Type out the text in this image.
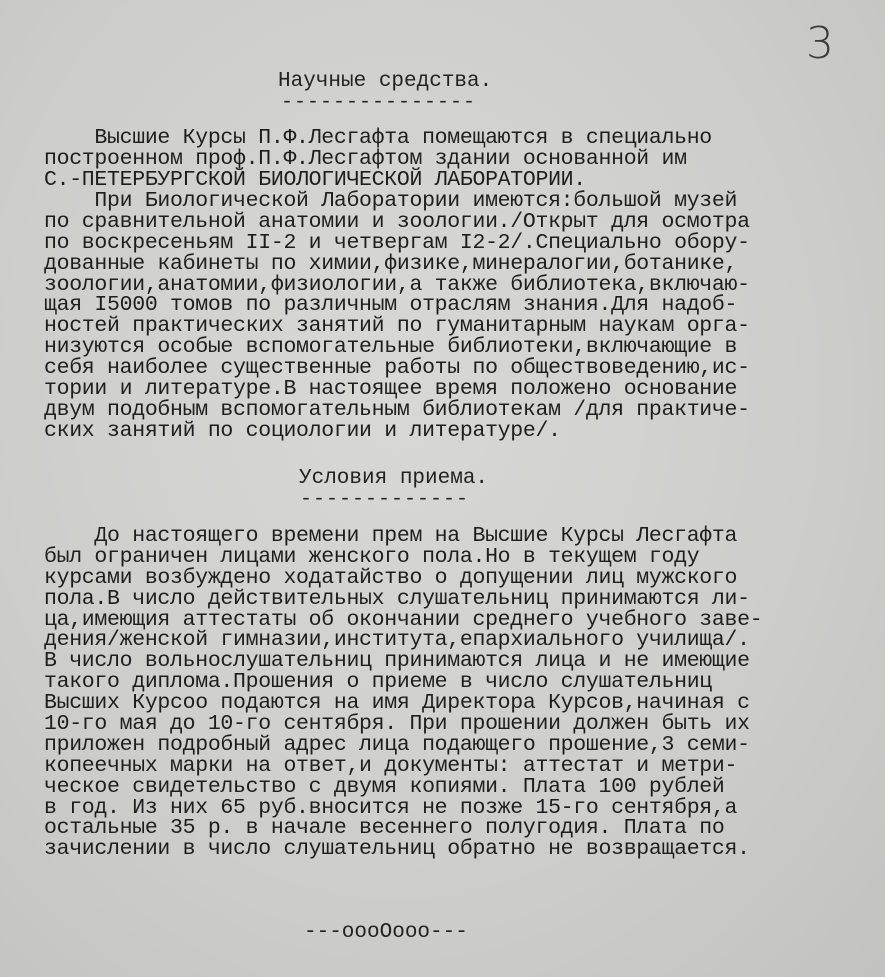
3
Научные средства.
---------------
Высшие Курсы П.Ф.Лесгафта помещаются в специально
построенном проф.П.Ф.Лесгафтом здании основанной им
С.-ПЕТЕРБУРГСКОЙ БИОЛОГИЧЕСКОЙ ЛАБОРАТОРИИ.
При Биологической Лаборатории имеются:большой музей
по сравнительной анатомии и зоологии./Открыт для осмотра
по воскресеньям II-2 и четвергам I2-2/.Специально обору-
дованные кабинеты по химии,физике,минералогии,ботанике,
зоологии,анатомии,физиологии,а также библиотека,включаю-
щая I5000 томов по различным отраслям знания.Для надоб-
ностей практических занятий по гуманитарным наукам орга-
низуются особые вспомогательные библиотеки,включающие в
себя наиболее существенные работы по обществоведению,ис-
тории и литературе.В настоящее время положено основание
двум подобным вспомогательным библиотекам /для практиче-
ских занятий по социологии и литературе/.
Условия приема.
-------------
До настоящего времени прем на Высшие Курсы Лесгафта
был ограничен лицами женского пола.Но в текущем году
курсами возбуждено ходатайство о допущении лиц мужского
пола.В число действительных слушательниц принимаются ли-
ца,имеющия аттестаты об окончании среднего учебного заве-
дения/женской гимназии,института,епархиального училища/.
В число вольнослушательниц принимаются лица и не имеющие
такого диплома.Прошения о приеме в число слушательниц
Высших Курсоо подаются на имя Директора Курсов,начиная с
10-го мая до 10-го сентября. При прошении должен быть их
приложен подробный адрес лица подающего прошение,3 семи-
копеечных марки на ответ,и документы: аттестат и метри-
ческое свидетельство с двумя копиями. Плата 100 рублей
в год. Из них 65 руб.вносится не позже 15-го сентября,а
остальные 35 р. в начале весеннего полугодия. Плата по
зачислении в число слушательниц обратно не возвращается.
---oooOooo---
